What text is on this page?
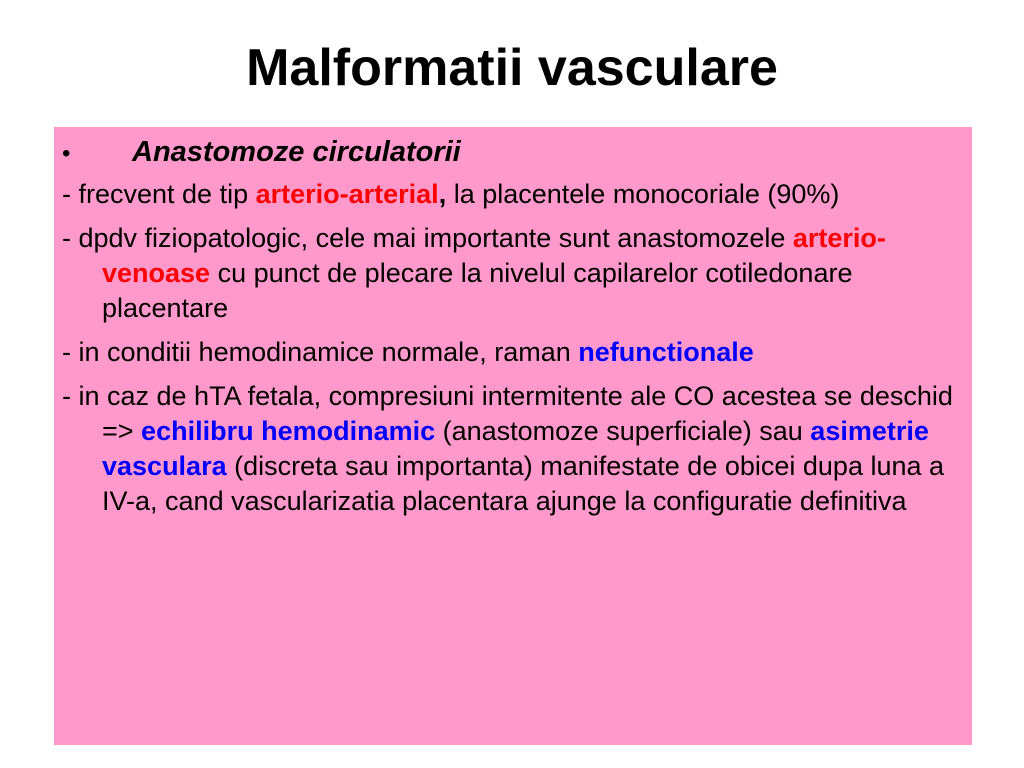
Malformatii vasculare
•	Anastomoze circulatorii
- frecvent de tip arterio-arterial, la placentele monocoriale (90%)
- dpdv fiziopatologic, cele mai importante sunt anastomozele arterio-venoase cu punct de plecare la nivelul capilarelor cotiledonare placentare
- in conditii hemodinamice normale, raman nefunctionale
- in caz de hTA fetala, compresiuni intermitente ale CO acestea se deschid => echilibru hemodinamic (anastomoze superficiale) sau asimetrie vasculara (discreta sau importanta) manifestate de obicei dupa luna a IV-a, cand vascularizatia placentara ajunge la configuratie definitiva
